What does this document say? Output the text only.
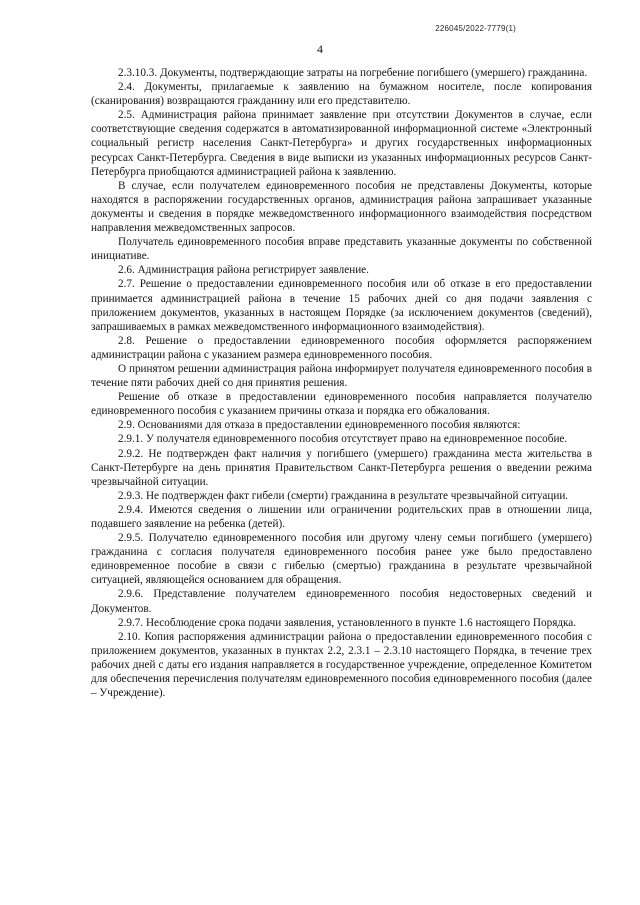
226045/2022-7779(1)
4

2.3.10.3. Документы, подтверждающие затраты на погребение погибшего (умершего) гражданина.

2.4. Документы, прилагаемые к заявлению на бумажном носителе, после копирования (сканирования) возвращаются гражданину или его представителю.

2.5. Администрация района принимает заявление при отсутствии Документов в случае, если соответствующие сведения содержатся в автоматизированной информационной системе «Электронный социальный регистр населения Санкт-Петербурга» и других государственных информационных ресурсах Санкт-Петербурга. Сведения в виде выписки из указанных информационных ресурсов Санкт-Петербурга приобщаются администрацией района к заявлению.

В случае, если получателем единовременного пособия не представлены Документы, которые находятся в распоряжении государственных органов, администрация района запрашивает указанные документы и сведения в порядке межведомственного информационного взаимодействия посредством направления межведомственных запросов.

Получатель единовременного пособия вправе представить указанные документы по собственной инициативе.

2.6. Администрация района регистрирует заявление.

2.7. Решение о предоставлении единовременного пособия или об отказе в его предоставлении принимается администрацией района в течение 15 рабочих дней со дня подачи заявления с приложением документов, указанных в настоящем Порядке (за исключением документов (сведений), запрашиваемых в рамках межведомственного информационного взаимодействия).

2.8. Решение о предоставлении единовременного пособия оформляется распоряжением администрации района с указанием размера единовременного пособия.

О принятом решении администрация района информирует получателя единовременного пособия в течение пяти рабочих дней со дня принятия решения.

Решение об отказе в предоставлении единовременного пособия направляется получателю единовременного пособия с указанием причины отказа и порядка его обжалования.

2.9. Основаниями для отказа в предоставлении единовременного пособия являются:

2.9.1. У получателя единовременного пособия отсутствует право на единовременное пособие.

2.9.2. Не подтвержден факт наличия у погибшего (умершего) гражданина места жительства в Санкт-Петербурге на день принятия Правительством Санкт-Петербурга решения о введении режима чрезвычайной ситуации.

2.9.3. Не подтвержден факт гибели (смерти) гражданина в результате чрезвычайной ситуации.

2.9.4. Имеются сведения о лишении или ограничении родительских прав в отношении лица, подавшего заявление на ребенка (детей).

2.9.5. Получателю единовременного пособия или другому члену семьи погибшего (умершего) гражданина с согласия получателя единовременного пособия ранее уже было предоставлено единовременное пособие в связи с гибелью (смертью) гражданина в результате чрезвычайной ситуацией, являющейся основанием для обращения.

2.9.6. Представление получателем единовременного пособия недостоверных сведений и Документов.

2.9.7. Несоблюдение срока подачи заявления, установленного в пункте 1.6 настоящего Порядка.

2.10. Копия распоряжения администрации района о предоставлении единовременного пособия с приложением документов, указанных в пунктах 2.2, 2.3.1 – 2.3.10 настоящего Порядка, в течение трех рабочих дней с даты его издания направляется в государственное учреждение, определенное Комитетом для обеспечения перечисления получателям единовременного пособия единовременного пособия (далее – Учреждение).
